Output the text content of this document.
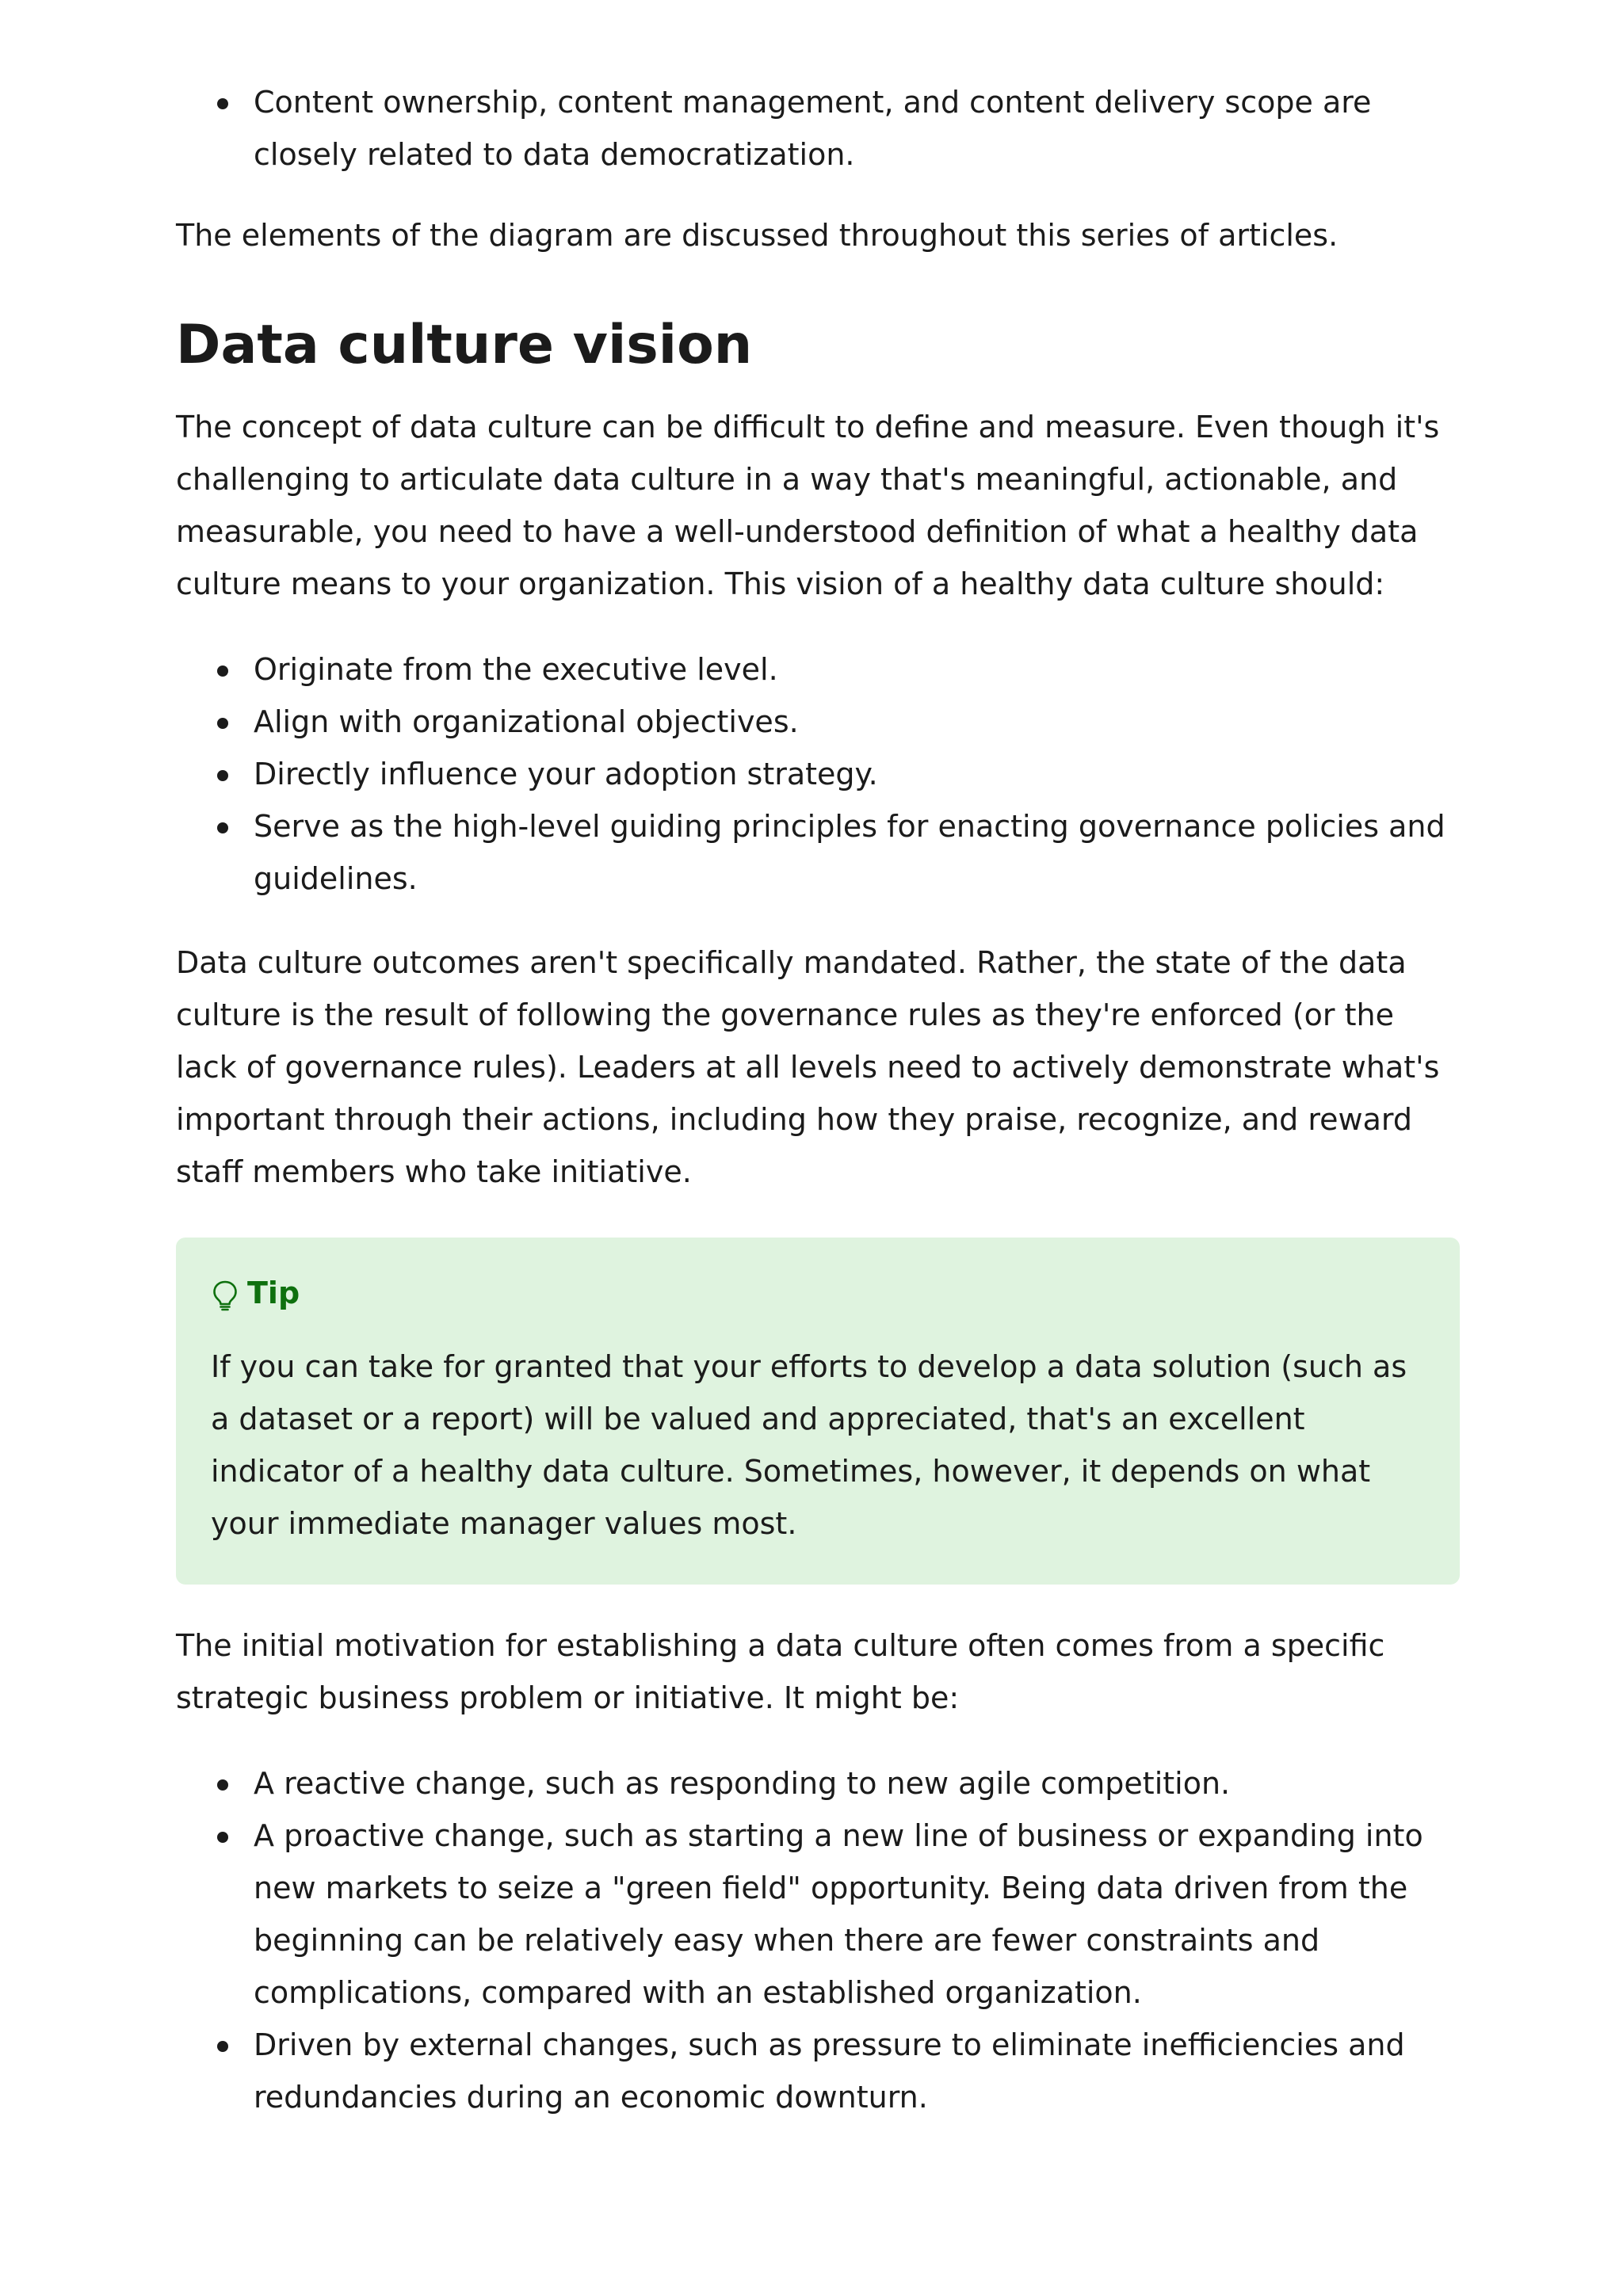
Content ownership, content management, and content delivery scope are closely related to data democratization.

The elements of the diagram are discussed throughout this series of articles.

Data culture vision

The concept of data culture can be difficult to define and measure. Even though it's challenging to articulate data culture in a way that's meaningful, actionable, and measurable, you need to have a well-understood definition of what a healthy data culture means to your organization. This vision of a healthy data culture should:

Originate from the executive level.
Align with organizational objectives.
Directly influence your adoption strategy.
Serve as the high-level guiding principles for enacting governance policies and guidelines.

Data culture outcomes aren't specifically mandated. Rather, the state of the data culture is the result of following the governance rules as they're enforced (or the lack of governance rules). Leaders at all levels need to actively demonstrate what's important through their actions, including how they praise, recognize, and reward staff members who take initiative.

Tip

If you can take for granted that your efforts to develop a data solution (such as a dataset or a report) will be valued and appreciated, that's an excellent indicator of a healthy data culture. Sometimes, however, it depends on what your immediate manager values most.

The initial motivation for establishing a data culture often comes from a specific strategic business problem or initiative. It might be:

A reactive change, such as responding to new agile competition.
A proactive change, such as starting a new line of business or expanding into new markets to seize a "green field" opportunity. Being data driven from the beginning can be relatively easy when there are fewer constraints and complications, compared with an established organization.
Driven by external changes, such as pressure to eliminate inefficiencies and redundancies during an economic downturn.
